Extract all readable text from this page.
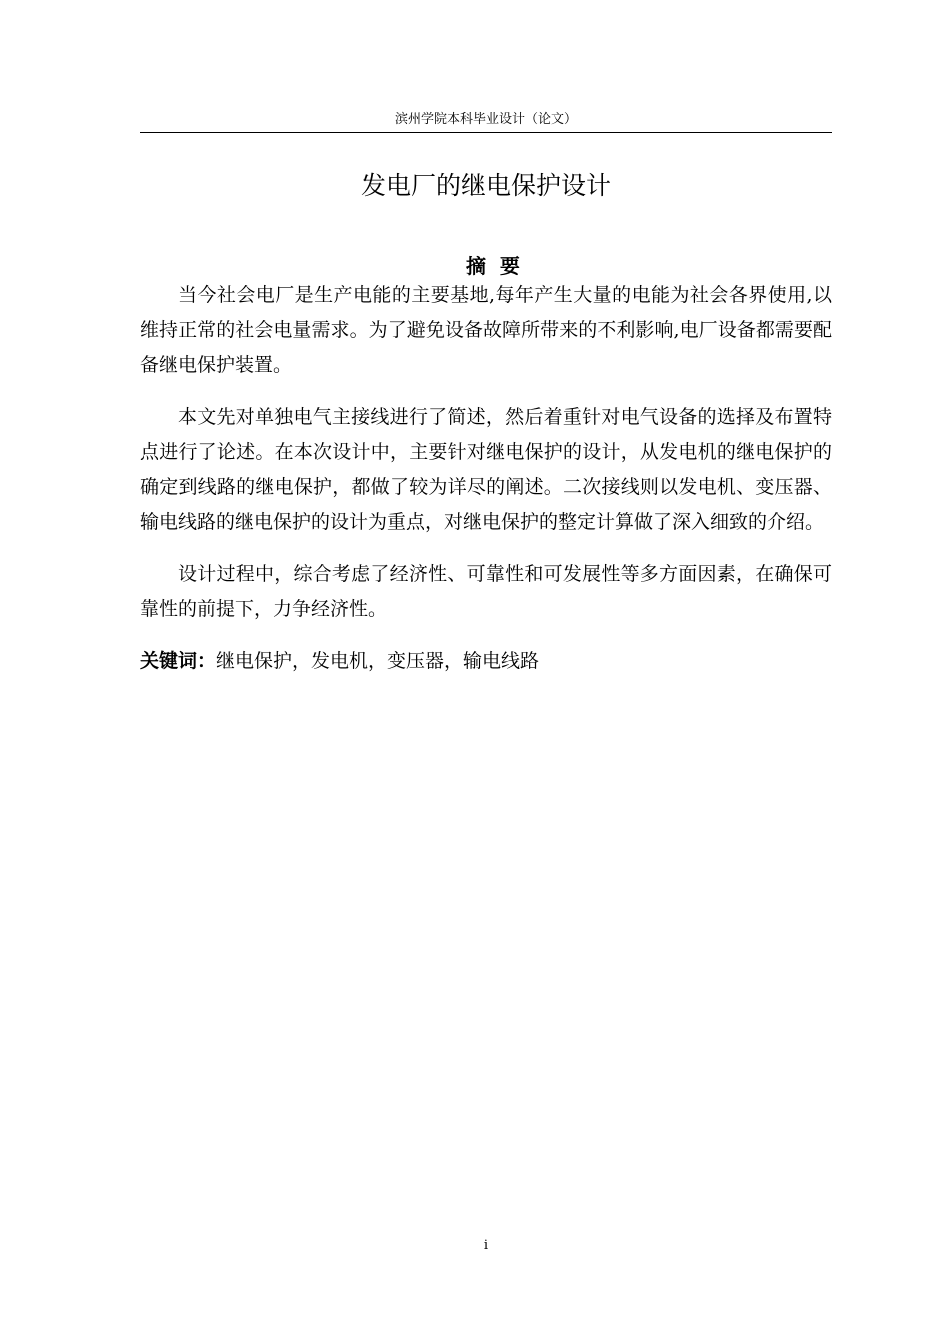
滨州学院本科毕业设计（论文）
发电厂的继电保护设计

摘  要

当今社会电厂是生产电能的主要基地,每年产生大量的电能为社会各界使用,以维持正常的社会电量需求。为了避免设备故障所带来的不利影响,电厂设备都需要配备继电保护装置。

本文先对单独电气主接线进行了简述，然后着重针对电气设备的选择及布置特点进行了论述。在本次设计中，主要针对继电保护的设计，从发电机的继电保护的确定到线路的继电保护，都做了较为详尽的阐述。二次接线则以发电机、变压器、输电线路的继电保护的设计为重点，对继电保护的整定计算做了深入细致的介绍。

设计过程中，综合考虑了经济性、可靠性和可发展性等多方面因素，在确保可靠性的前提下，力争经济性。

关键词：继电保护，发电机，变压器，输电线路

i
